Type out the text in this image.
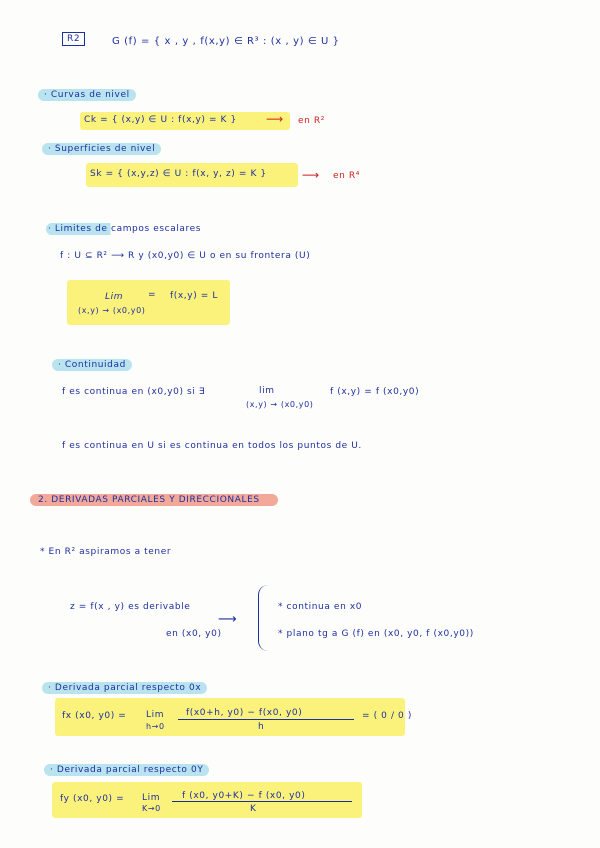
R2	G (f) = { x , y , f(x,y) ∈ R³ : (x , y) ∈ U }
· Curvas de nivel
Ck = { (x,y) ∈ U : f(x,y) = K } ⟶ en R²
· Superficies de nivel
Sk = { (x,y,z) ∈ U : f(x, y, z) = K }	⟶ en R⁴
· Limites de campos escalares
f : U ⊆ R² ⟶ R y (x0,y0) ∈ U o en su frontera (U)
Lim	= f(x,y) = L
(x,y) → (x0,y0)
· Continuidad
f es continua en (x0,y0) si ∃	lim
(x,y) → (x0,y0)
f (x,y) = f (x0,y0)
f es continua en U si es continua en todos los puntos de U.
2. DERIVADAS PARCIALES Y DIRECCIONALES
* En R² aspiramos a tener
z = f(x , y) es derivable
en (x0, y0)
⟶
* continua en x0
* plano tg a G (f) en (x0, y0, f (x0,y0))
· Derivada parcial respecto 0x
fx (x0, y0) = Lim
h→0
f(x0+h, y0) − f(x0, y0)
h
= ( 0 / 0 )
· Derivada parcial respecto 0Y
fy (x0, y0) = Lim
K→0
f (x0, y0+K) − f (x0, y0)
K
